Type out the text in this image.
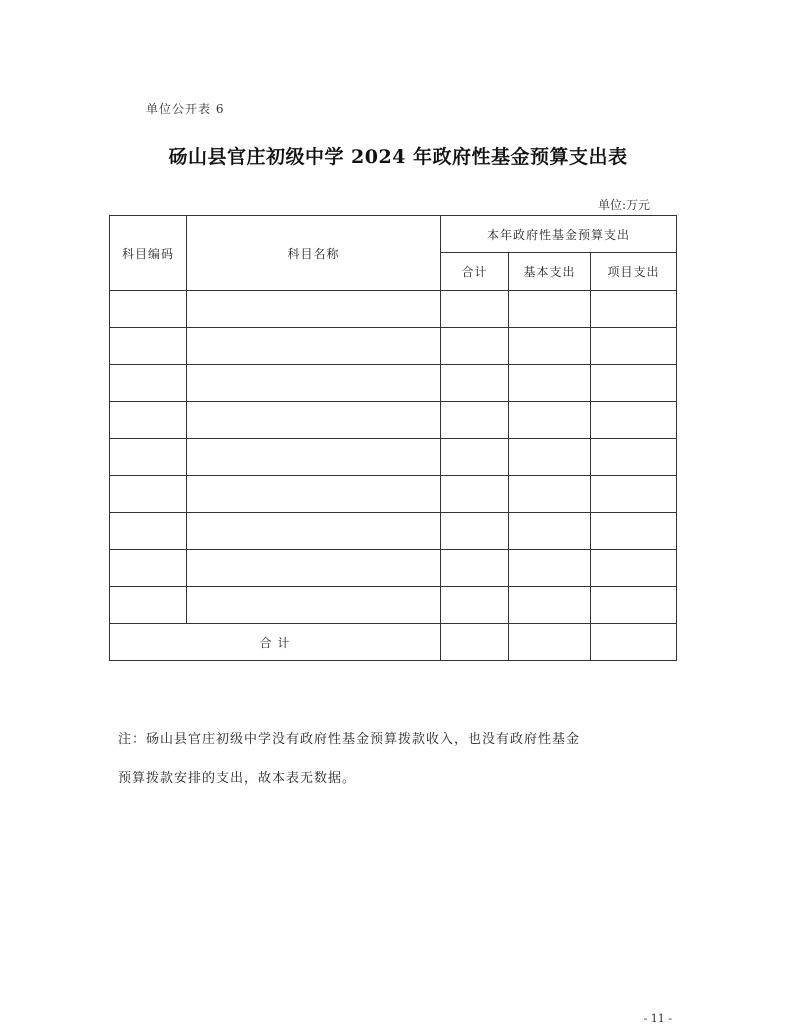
单位公开表 6
砀山县官庄初级中学 2024 年政府性基金预算支出表
单位:万元
科目编码	科目名称	本年政府性基金预算支出		
		合计	基本支出	项目支出

合 计				
注：砀山县官庄初级中学没有政府性基金预算拨款收入，也没有政府性基金
预算拨款安排的支出，故本表无数据。
- 11 -
